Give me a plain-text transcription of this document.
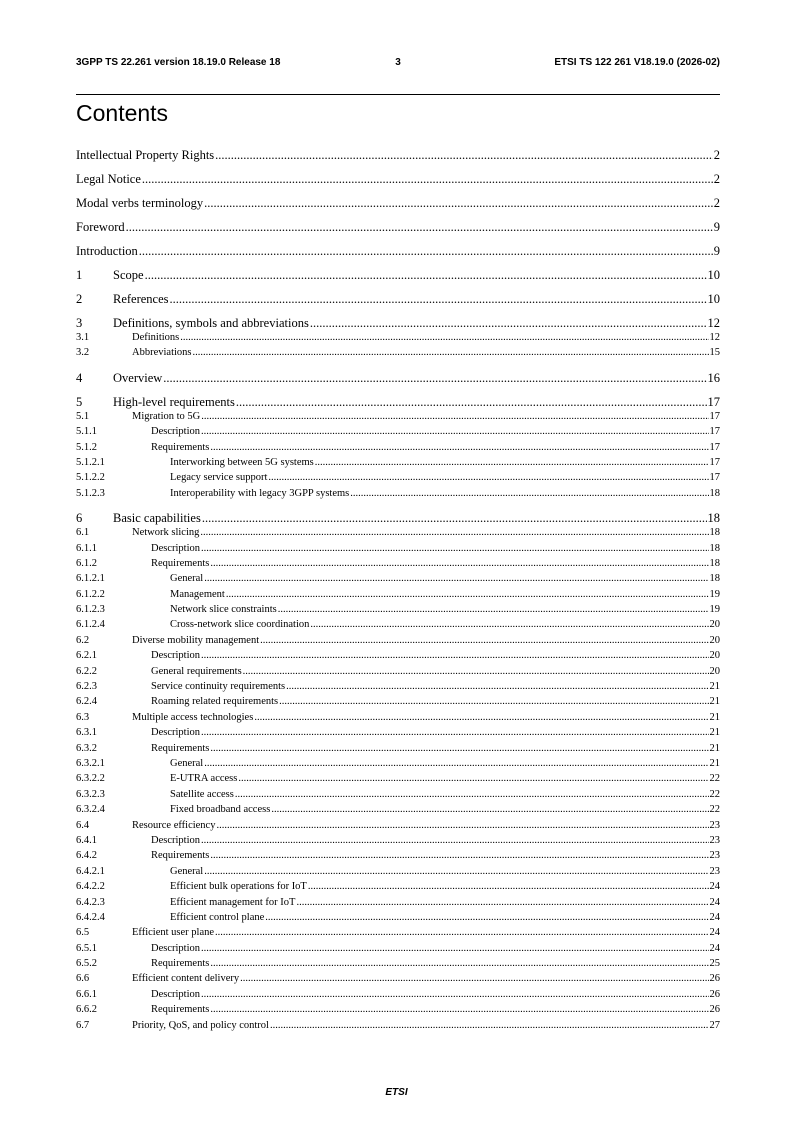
3GPP TS 22.261 version 18.19.0 Release 18	3	ETSI TS 122 261 V18.19.0 (2026-02)
Contents
Intellectual Property Rights .....	2
Legal Notice .....	2
Modal verbs terminology .....	2
Foreword .....	9
Introduction .....	9
1 Scope .....	10
2 References .....	10
3 Definitions, symbols and abbreviations .....	12
3.1	Definitions .....	12
3.2	Abbreviations .....	15
4 Overview .....	16
5 High-level requirements .....	17
5.1	Migration to 5G .....	17
5.1.1	Description .....	17
5.1.2	Requirements .....	17
5.1.2.1	Interworking between 5G systems .....	17
5.1.2.2	Legacy service support .....	17
5.1.2.3	Interoperability with legacy 3GPP systems .....	18
6 Basic capabilities .....	18
6.1	Network slicing .....	18
6.1.1	Description .....	18
6.1.2	Requirements .....	18
6.1.2.1	General .....	18
6.1.2.2	Management .....	19
6.1.2.3	Network slice constraints .....	19
6.1.2.4	Cross-network slice coordination .....	20
6.2	Diverse mobility management .....	20
6.2.1	Description .....	20
6.2.2	General requirements .....	20
6.2.3	Service continuity requirements .....	21
6.2.4	Roaming related requirements .....	21
6.3	Multiple access technologies .....	21
6.3.1	Description .....	21
6.3.2	Requirements .....	21
6.3.2.1	General .....	21
6.3.2.2	E-UTRA access .....	22
6.3.2.3	Satellite access .....	22
6.3.2.4	Fixed broadband access .....	22
6.4	Resource efficiency .....	23
6.4.1	Description .....	23
6.4.2	Requirements .....	23
6.4.2.1	General .....	23
6.4.2.2	Efficient bulk operations for IoT .....	24
6.4.2.3	Efficient management for IoT .....	24
6.4.2.4	Efficient control plane .....	24
6.5	Efficient user plane .....	24
6.5.1	Description .....	24
6.5.2	Requirements .....	25
6.6	Efficient content delivery .....	26
6.6.1	Description .....	26
6.6.2	Requirements .....	26
6.7	Priority, QoS, and policy control .....	27
ETSI
